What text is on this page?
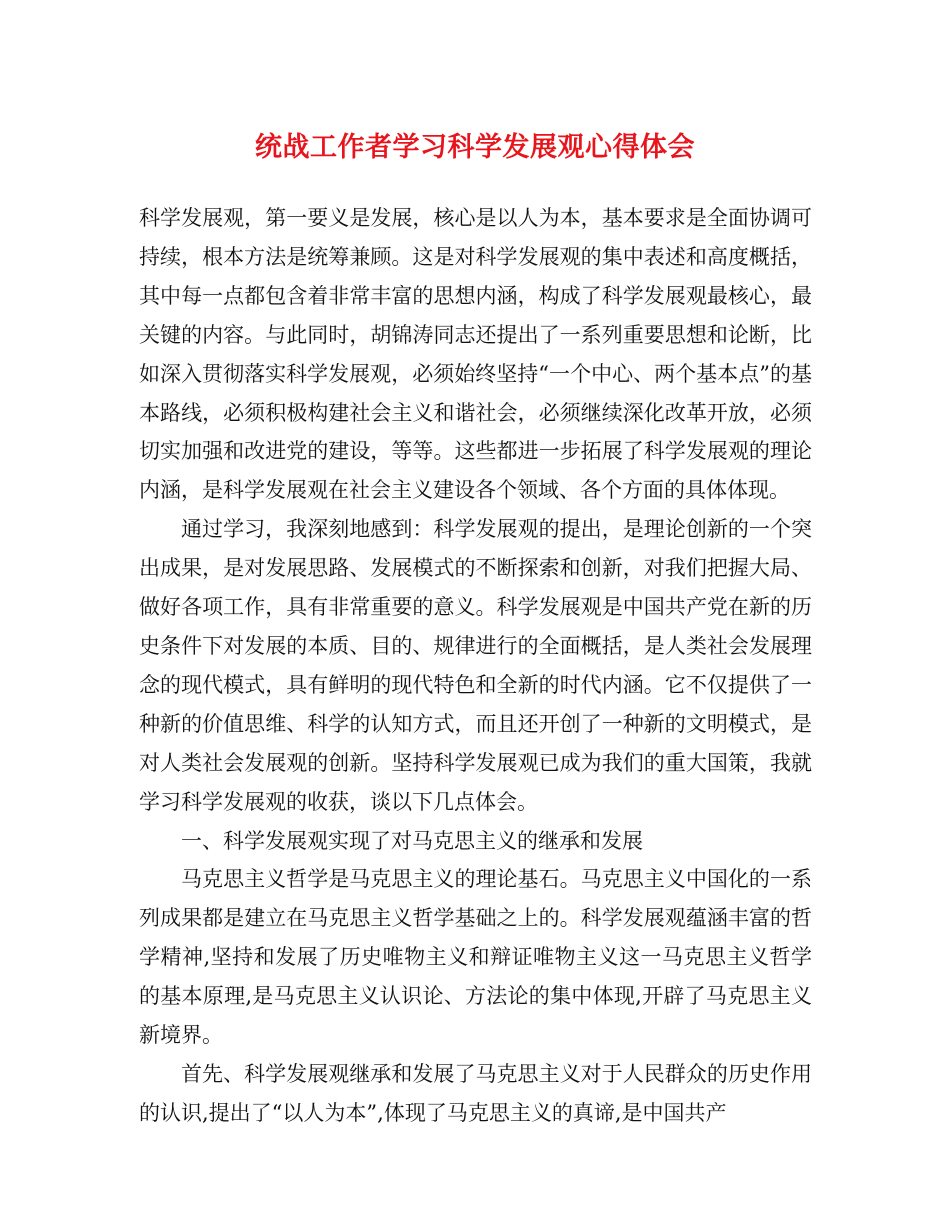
统战工作者学习科学发展观心得体会

科学发展观，第一要义是发展，核心是以人为本，基本要求是全面协调可持续，根本方法是统筹兼顾。这是对科学发展观的集中表述和高度概括，其中每一点都包含着非常丰富的思想内涵，构成了科学发展观最核心，最关键的内容。与此同时，胡锦涛同志还提出了一系列重要思想和论断，比如深入贯彻落实科学发展观，必须始终坚持“一个中心、两个基本点”的基本路线，必须积极构建社会主义和谐社会，必须继续深化改革开放，必须切实加强和改进党的建设，等等。这些都进一步拓展了科学发展观的理论内涵，是科学发展观在社会主义建设各个领域、各个方面的具体体现。

通过学习，我深刻地感到：科学发展观的提出，是理论创新的一个突出成果，是对发展思路、发展模式的不断探索和创新，对我们把握大局、做好各项工作，具有非常重要的意义。科学发展观是中国共产党在新的历史条件下对发展的本质、目的、规律进行的全面概括，是人类社会发展理念的现代模式，具有鲜明的现代特色和全新的时代内涵。它不仅提供了一种新的价值思维、科学的认知方式，而且还开创了一种新的文明模式，是对人类社会发展观的创新。坚持科学发展观已成为我们的重大国策，我就学习科学发展观的收获，谈以下几点体会。

一、科学发展观实现了对马克思主义的继承和发展

马克思主义哲学是马克思主义的理论基石。马克思主义中国化的一系列成果都是建立在马克思主义哲学基础之上的。科学发展观蕴涵丰富的哲学精神,坚持和发展了历史唯物主义和辩证唯物主义这一马克思主义哲学的基本原理,是马克思主义认识论、方法论的集中体现,开辟了马克思主义新境界。

首先、科学发展观继承和发展了马克思主义对于人民群众的历史作用的认识,提出了“以人为本”,体现了马克思主义的真谛,是中国共产
